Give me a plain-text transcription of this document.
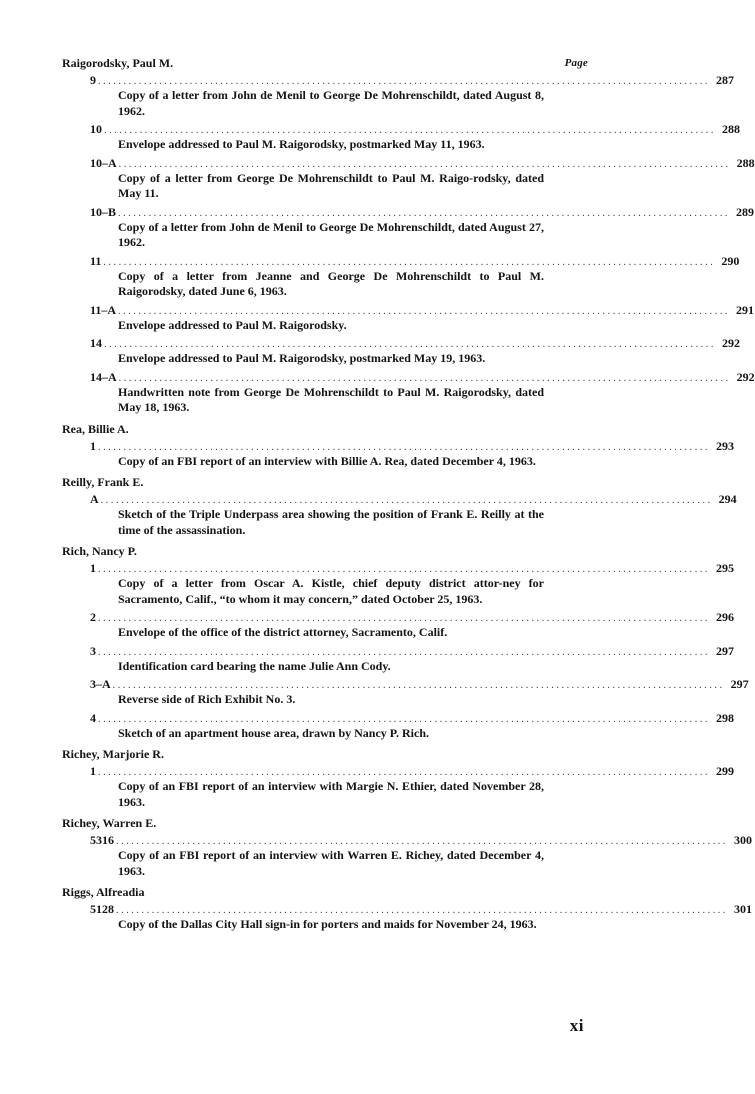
Page
Raigorodsky, Paul M.
9 ........................................................................................................................ 287
Copy of a letter from John de Menil to George De Mohrenschildt, dated August 8, 1962.
10 ........................................................................................................................ 288
Envelope addressed to Paul M. Raigorodsky, postmarked May 11, 1963.
10–A ........................................................................................................................ 288
Copy of a letter from George De Mohrenschildt to Paul M. Raigo-rodsky, dated May 11.
10–B ........................................................................................................................ 289
Copy of a letter from John de Menil to George De Mohrenschildt, dated August 27, 1962.
11 ........................................................................................................................ 290
Copy of a letter from Jeanne and George De Mohrenschildt to Paul M. Raigorodsky, dated June 6, 1963.
11–A ........................................................................................................................ 291
Envelope addressed to Paul M. Raigorodsky.
14 ........................................................................................................................ 292
Envelope addressed to Paul M. Raigorodsky, postmarked May 19, 1963.
14–A ........................................................................................................................ 292
Handwritten note from George De Mohrenschildt to Paul M. Raigorodsky, dated May 18, 1963.
Rea, Billie A.
1 ........................................................................................................................ 293
Copy of an FBI report of an interview with Billie A. Rea, dated December 4, 1963.
Reilly, Frank E.
A ........................................................................................................................ 294
Sketch of the Triple Underpass area showing the position of Frank E. Reilly at the time of the assassination.
Rich, Nancy P.
1 ........................................................................................................................ 295
Copy of a letter from Oscar A. Kistle, chief deputy district attor-ney for Sacramento, Calif., “to whom it may concern,” dated October 25, 1963.
2 ........................................................................................................................ 296
Envelope of the office of the district attorney, Sacramento, Calif.
3 ........................................................................................................................ 297
Identification card bearing the name Julie Ann Cody.
3–A ........................................................................................................................ 297
Reverse side of Rich Exhibit No. 3.
4 ........................................................................................................................ 298
Sketch of an apartment house area, drawn by Nancy P. Rich.
Richey, Marjorie R.
1 ........................................................................................................................ 299
Copy of an FBI report of an interview with Margie N. Ethier, dated November 28, 1963.
Richey, Warren E.
5316 ........................................................................................................................ 300
Copy of an FBI report of an interview with Warren E. Richey, dated December 4, 1963.
Riggs, Alfreadia
5128 ........................................................................................................................ 301
Copy of the Dallas City Hall sign-in for porters and maids for November 24, 1963.
xi
